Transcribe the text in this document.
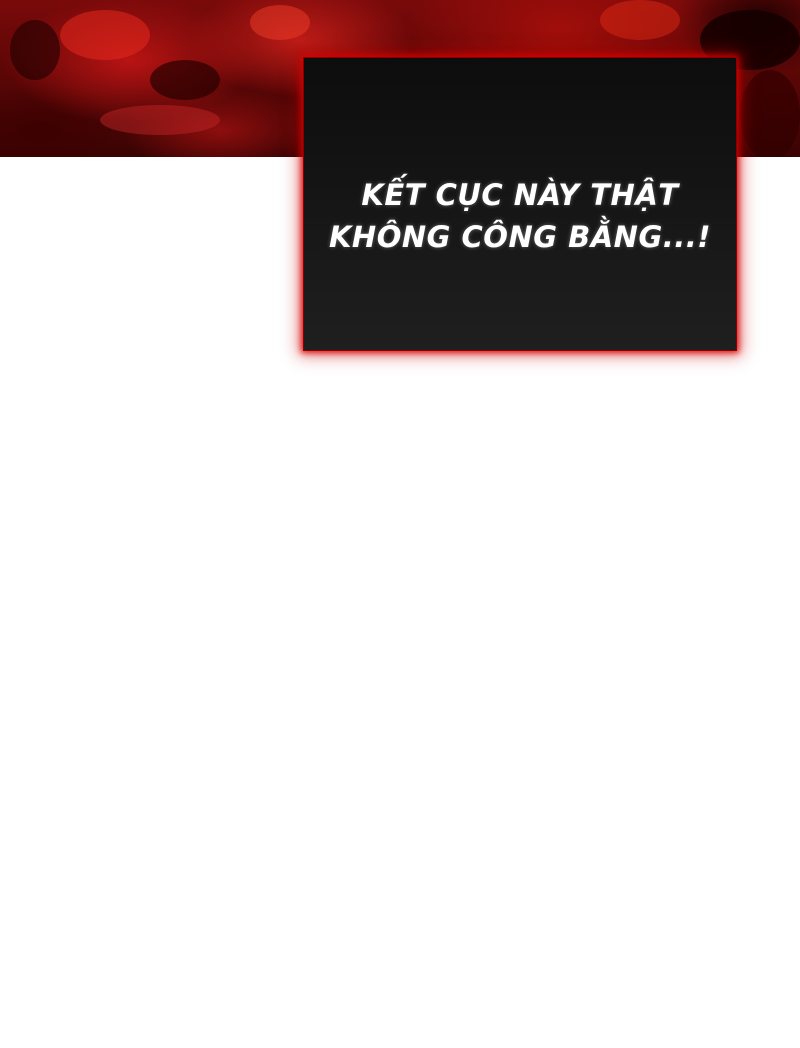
KẾT CỤC NÀY THẬT
KHÔNG CÔNG BẰNG...!
